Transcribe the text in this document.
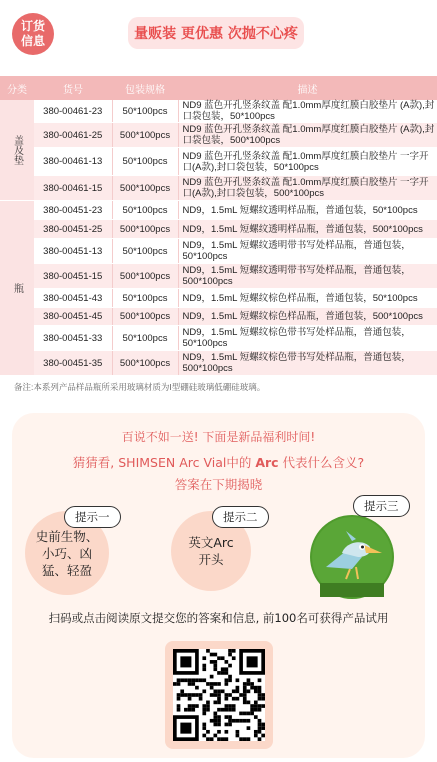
订货信息	量贩装 更优惠 次抛不心疼
分类	货号	包装规格	描述
盖及垫	380-00461-23	50*100pcs	ND9 蓝色开孔竖条纹盖 配1.0mm厚度红膜白胶垫片 (A款),封口袋包装，50*100pcs
	380-00461-25	500*100pcs	ND9 蓝色开孔竖条纹盖 配1.0mm厚度红膜白胶垫片 (A款),封口袋包装，500*100pcs
	380-00461-13	50*100pcs	ND9 蓝色开孔竖条纹盖 配1.0mm厚度红膜白胶垫片 一字开口(A款),封口袋包装，50*100pcs
	380-00461-15	500*100pcs	ND9 蓝色开孔竖条纹盖 配1.0mm厚度红膜白胶垫片 一字开口(A款),封口袋包装，500*100pcs
瓶	380-00451-23	50*100pcs	ND9，1.5mL 短螺纹透明样品瓶，普通包装，50*100pcs
	380-00451-25	500*100pcs	ND9，1.5mL 短螺纹透明样品瓶，普通包装，500*100pcs
	380-00451-13	50*100pcs	ND9，1.5mL 短螺纹透明带书写处样品瓶，普通包装，50*100pcs
	380-00451-15	500*100pcs	ND9，1.5mL 短螺纹透明带书写处样品瓶，普通包装，500*100pcs
	380-00451-43	50*100pcs	ND9，1.5mL 短螺纹棕色样品瓶，普通包装，50*100pcs
	380-00451-45	500*100pcs	ND9，1.5mL 短螺纹棕色样品瓶，普通包装，500*100pcs
	380-00451-33	50*100pcs	ND9，1.5mL 短螺纹棕色带书写处样品瓶，普通包装，50*100pcs
	380-00451-35	500*100pcs	ND9，1.5mL 短螺纹棕色带书写处样品瓶，普通包装，500*100pcs
备注:本系列产品样品瓶所采用玻璃材质为I型硼硅玻璃低硼硅玻璃。
百说不如一送! 下面是新品福利时间!
猜猜看, SHIMSEN Arc Vial中的 Arc 代表什么含义?
答案在下期揭晓
史前生物、小巧、凶猛、轻盈
提示一
英文Arc 开头
提示二
提示三
扫码或点击阅读原文提交您的答案和信息, 前100名可获得产品试用
